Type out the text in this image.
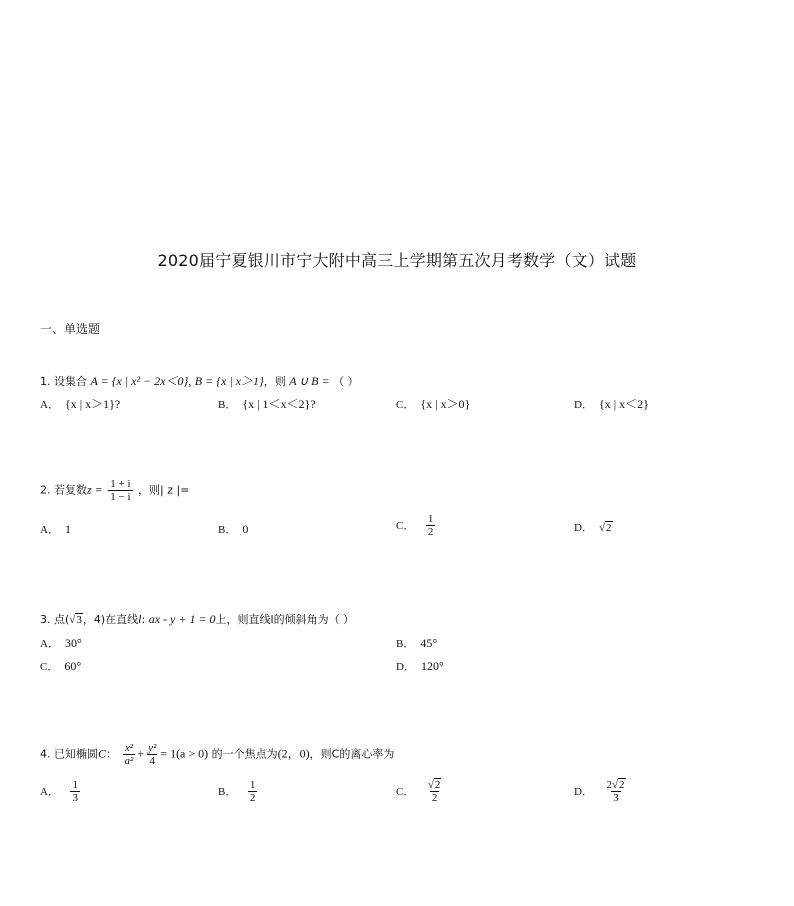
2020届宁夏银川市宁大附中高三上学期第五次月考数学（文）试题
一、单选题
1. 设集合 A = {x | x² − 2x＜0}, B = {x | x＞1}，则 A ∪ B = （ ）
A． {x | x＞1}?	B． {x | 1＜x＜2}?	C． {x | x＞0}	D． {x | x＜2}
2. 若复数$z = \frac{1 + i}{1 - i}$ ，则| z |=
A． 1	B． 0	C． $\frac{1}{2}$	D． √2
3. 点(√3，4)在直线l: ax - y + 1 = 0上，则直线l的倾斜角为（ ）
A． 30°	B． 45°
C． 60°	D． 120°
4. 已知椭圆C： $\frac{\text{x²}}{\text{a²}} + \frac{\text{y²}}{4} = 1(a > 0)$ 的一个焦点为(2，0)，则C的离心率为
A． $\frac{1}{3}$	B． $\frac{1}{2}$	C． $\frac{√2}{2}$	D． $\frac{2√2}{3}$
